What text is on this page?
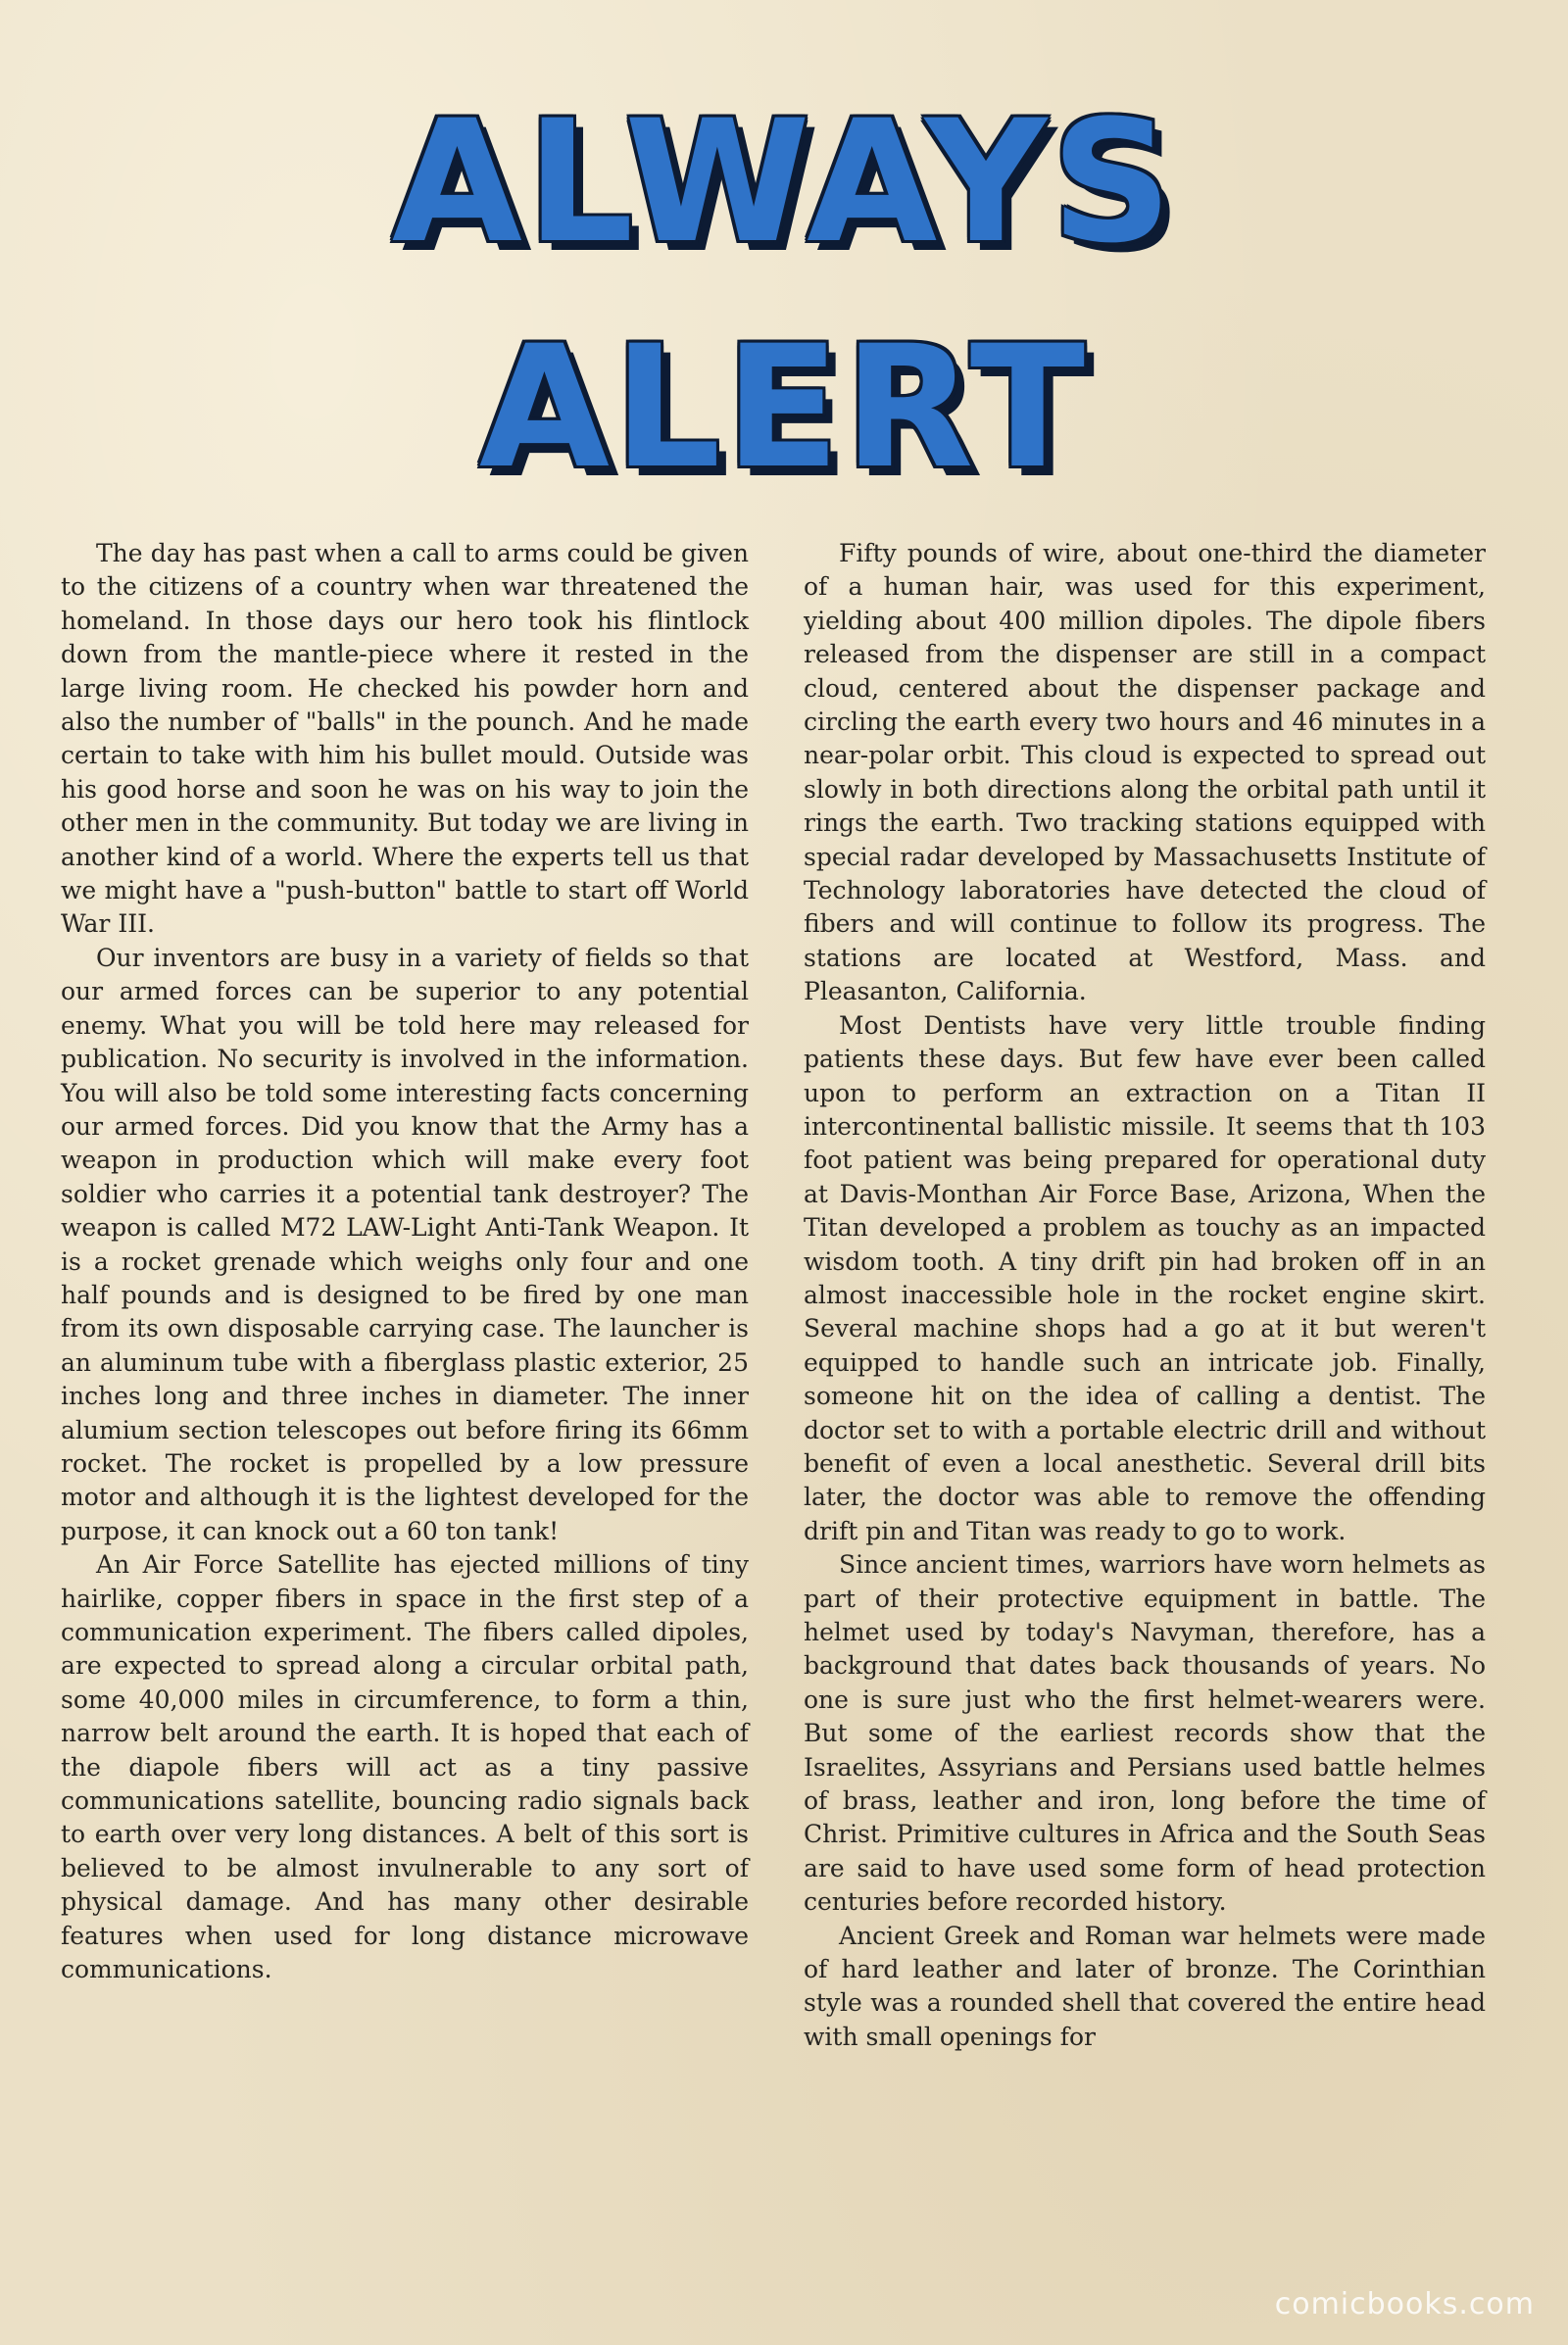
ALWAYS
ALERT

The day has past when a call to arms could be given to the citizens of a country when war threatened the homeland. In those days our hero took his flintlock down from the mantle-piece where it rested in the large living room. He checked his powder horn and also the number of "balls" in the pounch. And he made certain to take with him his bullet mould. Outside was his good horse and soon he was on his way to join the other men in the community. But today we are living in another kind of a world. Where the experts tell us that we might have a "push-button" battle to start off World War III.

Our inventors are busy in a variety of fields so that our armed forces can be superior to any potential enemy. What you will be told here may released for publication. No security is involved in the information. You will also be told some interesting facts concerning our armed forces. Did you know that the Army has a weapon in production which will make every foot soldier who carries it a potential tank destroyer? The weapon is called M72 LAW-Light Anti-Tank Weapon. It is a rocket grenade which weighs only four and one half pounds and is designed to be fired by one man from its own disposable carrying case. The launcher is an aluminum tube with a fiberglass plastic exterior, 25 inches long and three inches in diameter. The inner alumium section telescopes out before firing its 66mm rocket. The rocket is propelled by a low pressure motor and although it is the lightest developed for the purpose, it can knock out a 60 ton tank!

An Air Force Satellite has ejected millions of tiny hairlike, copper fibers in space in the first step of a communication experiment. The fibers called dipoles, are expected to spread along a circular orbital path, some 40,000 miles in circumference, to form a thin, narrow belt around the earth. It is hoped that each of the diapole fibers will act as a tiny passive communications satellite, bouncing radio signals back to earth over very long distances. A belt of this sort is believed to be almost invulnerable to any sort of physical damage. And has many other desirable features when used for long distance microwave communications.

Fifty pounds of wire, about one-third the diameter of a human hair, was used for this experiment, yielding about 400 million dipoles. The dipole fibers released from the dispenser are still in a compact cloud, centered about the dispenser package and circling the earth every two hours and 46 minutes in a near-polar orbit. This cloud is expected to spread out slowly in both directions along the orbital path until it rings the earth. Two tracking stations equipped with special radar developed by Massachusetts Institute of Technology laboratories have detected the cloud of fibers and will continue to follow its progress. The stations are located at Westford, Mass. and Pleasanton, California.

Most Dentists have very little trouble finding patients these days. But few have ever been called upon to perform an extraction on a Titan II intercontinental ballistic missile. It seems that th 103 foot patient was being prepared for operational duty at Davis-Monthan Air Force Base, Arizona, When the Titan developed a problem as touchy as an impacted wisdom tooth. A tiny drift pin had broken off in an almost inaccessible hole in the rocket engine skirt. Several machine shops had a go at it but weren't equipped to handle such an intricate job. Finally, someone hit on the idea of calling a dentist. The doctor set to with a portable electric drill and without benefit of even a local anesthetic. Several drill bits later, the doctor was able to remove the offending drift pin and Titan was ready to go to work.

Since ancient times, warriors have worn helmets as part of their protective equipment in battle. The helmet used by today's Navyman, therefore, has a background that dates back thousands of years. No one is sure just who the first helmet-wearers were. But some of the earliest records show that the Israelites, Assyrians and Persians used battle helmes of brass, leather and iron, long before the time of Christ. Primitive cultures in Africa and the South Seas are said to have used some form of head protection centuries before recorded history.

Ancient Greek and Roman war helmets were made of hard leather and later of bronze. The Corinthian style was a rounded shell that covered the entire head with small openings for

comicbooks.com
